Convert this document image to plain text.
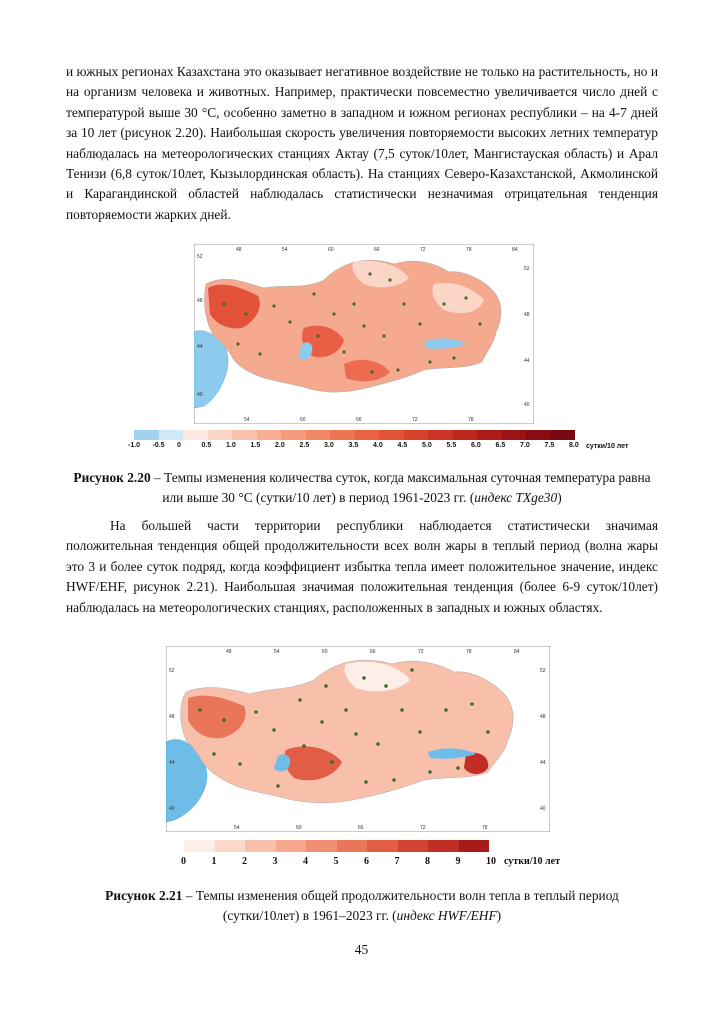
и южных регионах Казахстана это оказывает негативное воздействие не только на растительность, но и на организм человека и животных. Например, практически повсеместно увеличивается число дней с температурой выше 30 °С, особенно заметно в западном и южном регионах республики – на 4-7 дней за 10 лет (рисунок 2.20). Наибольшая скорость увеличения повторяемости высоких летних температур наблюдалась на метеорологических станциях Актау (7,5 суток/10лет, Мангистауская область) и Арал Тенизи (6,8 суток/10лет, Кызылординская область). На станциях Северо-Казахстанской, Акмолинской и Карагандинской областей наблюдалась статистически незначимая отрицательная тенденция повторяемости жарких дней.

48	54	60	66	72	78	84
54	60	66	72	78
52
48
44
40
52
48
44
40
-1.0 -0.5 0	0.5 1.0 1.5 2.0 2.5 3.0 3.5 4.0 4.5 5.0 5.5 6.0 6.5 7.0 7.5 8.0 сутки/10 лет

Рисунок 2.20 – Темпы изменения количества суток, когда максимальная суточная температура равна или выше 30 °С (сутки/10 лет) в период 1961-2023 гг. (индекс TXge30)

На большей части территории республики наблюдается статистически значимая положительная тенденция общей продолжительности всех волн жары в теплый период (волна жары это 3 и более суток подряд, когда коэффициент избытка тепла имеет положительное значение, индекс HWF/EHF, рисунок 2.21). Наибольшая значимая положительная тенденция (более 6-9 суток/10лет) наблюдалась на метеорологических станциях, расположенных в западных и южных областях.

48	54	60	66	72	78	84
54	60	66	72	78
52
48
44
40
52
48
44
40
0	1	2	3	4	5	6	7	8	9	10 сутки/10 лет

Рисунок 2.21 – Темпы изменения общей продолжительности волн тепла в теплый период (сутки/10лет) в 1961–2023 гг. (индекс HWF/EHF)

45
